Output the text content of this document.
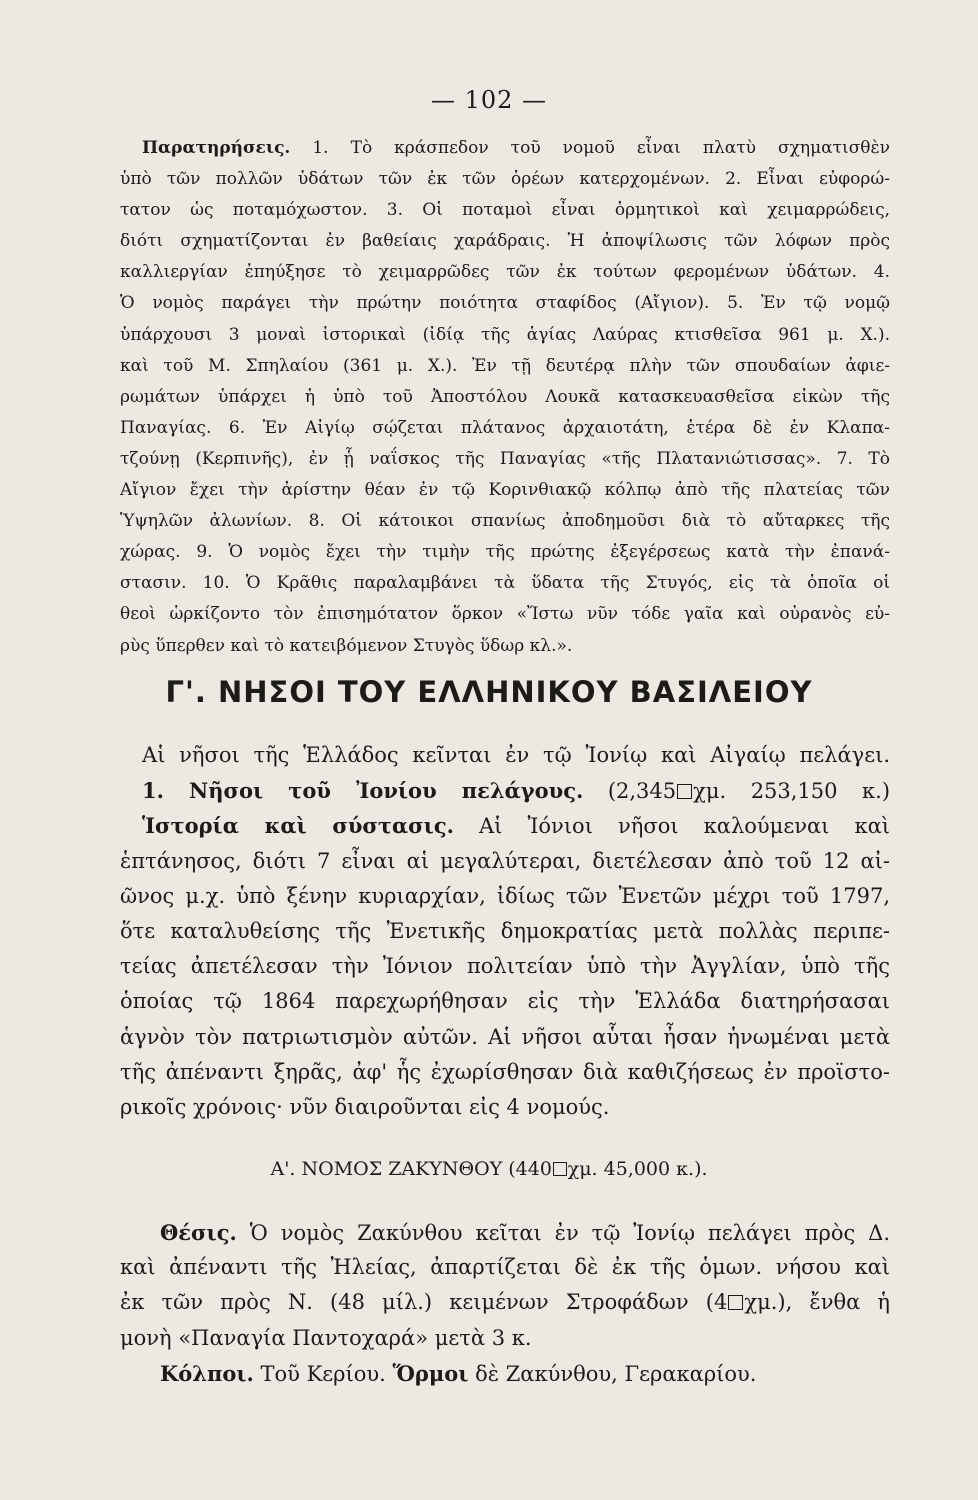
— 102 —
Παρατηρήσεις. 1. Τὸ κράσπεδον τοῦ νομοῦ εἶναι πλατὺ σχηματισθὲν
ὑπὸ τῶν πολλῶν ὑδάτων τῶν ἐκ τῶν ὀρέων κατερχομένων. 2. Εἶναι εὐφορώ-
τατον ὡς ποταμόχωστον. 3. Οἱ ποταμοὶ εἶναι ὁρμητικοὶ καὶ χειμαρρώδεις,
διότι σχηματίζονται ἐν βαθείαις χαράδραις. Ἡ ἀποψίλωσις τῶν λόφων πρὸς
καλλιεργίαν ἐπηύξησε τὸ χειμαρρῶδες τῶν ἐκ τούτων φερομένων ὑδάτων. 4.
Ὁ νομὸς παράγει τὴν πρώτην ποιότητα σταφίδος (Αἴγιον). 5. Ἐν τῷ νομῷ
ὑπάρχουσι 3 μοναὶ ἱστορικαὶ (ἰδίᾳ τῆς ἁγίας Λαύρας κτισθεῖσα 961 μ. Χ.).
καὶ τοῦ Μ. Σπηλαίου (361 μ. Χ.). Ἐν τῇ δευτέρᾳ πλὴν τῶν σπουδαίων ἀφιε-
ρωμάτων ὑπάρχει ἡ ὑπὸ τοῦ Ἀποστόλου Λουκᾶ κατασκευασθεῖσα εἰκὼν τῆς
Παναγίας. 6. Ἐν Αἰγίῳ σῴζεται πλάτανος ἀρχαιοτάτη, ἑτέρα δὲ ἐν Κλαπα-
τζούνῃ (Κερπινῆς), ἐν ᾗ ναΐσκος τῆς Παναγίας «τῆς Πλατανιώτισσας». 7. Τὸ
Αἴγιον ἔχει τὴν ἀρίστην θέαν ἐν τῷ Κορινθιακῷ κόλπῳ ἀπὸ τῆς πλατείας τῶν
Ὑψηλῶν ἀλωνίων. 8. Οἱ κάτοικοι σπανίως ἀποδημοῦσι διὰ τὸ αὔταρκες τῆς
χώρας. 9. Ὁ νομὸς ἔχει τὴν τιμὴν τῆς πρώτης ἐξεγέρσεως κατὰ τὴν ἐπανά-
στασιν. 10. Ὁ Κρᾶθις παραλαμβάνει τὰ ὕδατα τῆς Στυγός, εἰς τὰ ὁποῖα οἱ
θεοὶ ὡρκίζοντο τὸν ἐπισημότατον ὅρκον «Ἴστω νῦν τόδε γαῖα καὶ οὐρανὸς εὐ-
ρὺς ὕπερθεν καὶ τὸ κατειβόμενον Στυγὸς ὕδωρ κλ.».
Γ'. ΝΗΣΟΙ ΤΟΥ ΕΛΛΗΝΙΚΟΥ ΒΑΣΙΛΕΙΟΥ
Αἱ νῆσοι τῆς Ἑλλάδος κεῖνται ἐν τῷ Ἰονίῳ καὶ Αἰγαίῳ πελάγει.
1. Νῆσοι τοῦ Ἰονίου πελάγους. (2,345 χμ. 253,150 κ.)
Ἱστορία καὶ σύστασις. Αἱ Ἰόνιοι νῆσοι καλούμεναι καὶ
ἑπτάνησος, διότι 7 εἶναι αἱ μεγαλύτεραι, διετέλεσαν ἀπὸ τοῦ 12 αἰ-
ῶνος μ.χ. ὑπὸ ξένην κυριαρχίαν, ἰδίως τῶν Ἐνετῶν μέχρι τοῦ 1797,
ὅτε καταλυθείσης τῆς Ἐνετικῆς δημοκρατίας μετὰ πολλὰς περιπε-
τείας ἀπετέλεσαν τὴν Ἰόνιον πολιτείαν ὑπὸ τὴν Ἀγγλίαν, ὑπὸ τῆς
ὁποίας τῷ 1864 παρεχωρήθησαν εἰς τὴν Ἑλλάδα διατηρήσασαι
ἁγνὸν τὸν πατριωτισμὸν αὐτῶν. Αἱ νῆσοι αὗται ἦσαν ἡνωμέναι μετὰ
τῆς ἀπέναντι ξηρᾶς, ἀφ' ἧς ἐχωρίσθησαν διὰ καθιζήσεως ἐν προϊστο-
ρικοῖς χρόνοις· νῦν διαιροῦνται εἰς 4 νομούς.
Α'. ΝΟΜΟΣ ΖΑΚΥΝΘΟΥ (440 χμ. 45,000 κ.).
Θέσις. Ὁ νομὸς Ζακύνθου κεῖται ἐν τῷ Ἰονίῳ πελάγει πρὸς Δ.
καὶ ἀπέναντι τῆς Ἠλείας, ἀπαρτίζεται δὲ ἐκ τῆς ὁμων. νήσου καὶ
ἐκ τῶν πρὸς Ν. (48 μίλ.) κειμένων Στροφάδων (4 χμ.), ἔνθα ἡ
μονὴ «Παναγία Παντοχαρά» μετὰ 3 κ.
Κόλποι. Τοῦ Κερίου. Ὅρμοι δὲ Ζακύνθου, Γερακαρίου.
